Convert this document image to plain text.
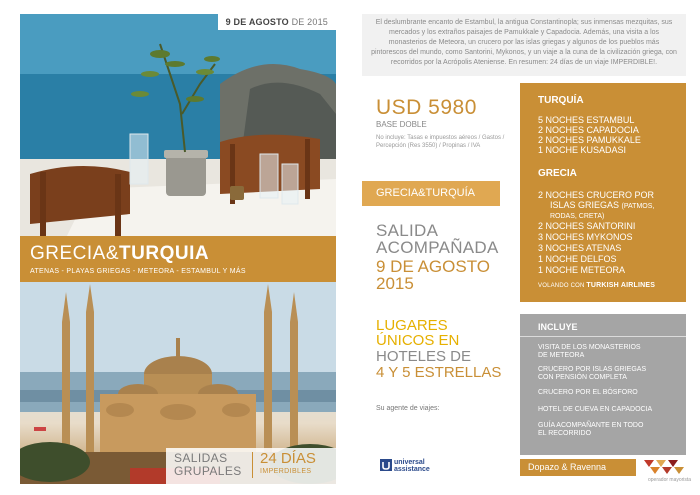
9 DE AGOSTO DE 2015
GRECIA&TURQUIA
ATENAS - PLAYAS GRIEGAS - METEORA - ESTAMBUL Y MÁS
SALIDAS
GRUPALES
24 DÍAS
IMPERDIBLES
El deslumbrante encanto de Estambul, la antigua Constantinopla; sus inmensas mezquitas, sus mercados y los extraños paisajes de Pamukkale y Capadocia. Además, una visita a los monasterios de Meteora, un crucero por las islas griegas y algunos de los pueblos más pintorescos del mundo, como Santorini, Mykonos, y un viaje a la cuna de la civilización griega, con recorridos por la Acrópolis Ateniense. En resumen: 24 días de un viaje IMPERDIBLE!.
USD 5980
BASE DOBLE
No incluye: Tasas e impuestos aéreos / Gastos / Percepción (Res 3550) / Propinas / IVA
GRECIA&TURQUÍA
SALIDA
ACOMPAÑADA
9 DE AGOSTO
2015
LUGARES
ÚNICOS EN
HOTELES DE
4 Y 5 ESTRELLAS
Su agente de viajes:
universal
assistance
TURQUÍA
5 NOCHES ESTAMBUL
2 NOCHES CAPADOCIA
2 NOCHES PAMUKKALE
1 NOCHE KUSADASI
GRECIA
2 NOCHES CRUCERO POR
ISLAS GRIEGAS (PATMOS,
RODAS, CRETA)
2 NOCHES SANTORINI
3 NOCHES MYKONOS
3 NOCHES ATENAS
1 NOCHE DELFOS
1 NOCHE METEORA
VOLANDO CON TURKISH AIRLINES
INCLUYE
VISITA DE LOS MONASTERIOS
DE METEORA
CRUCERO POR ISLAS GRIEGAS
CON PENSIÓN COMPLETA
CRUCERO POR EL BÓSFORO
HOTEL DE CUEVA EN CAPADOCIA
GUÍA ACOMPAÑANTE EN TODO
EL RECORRIDO
Dopazo & Ravenna
operador mayorista
